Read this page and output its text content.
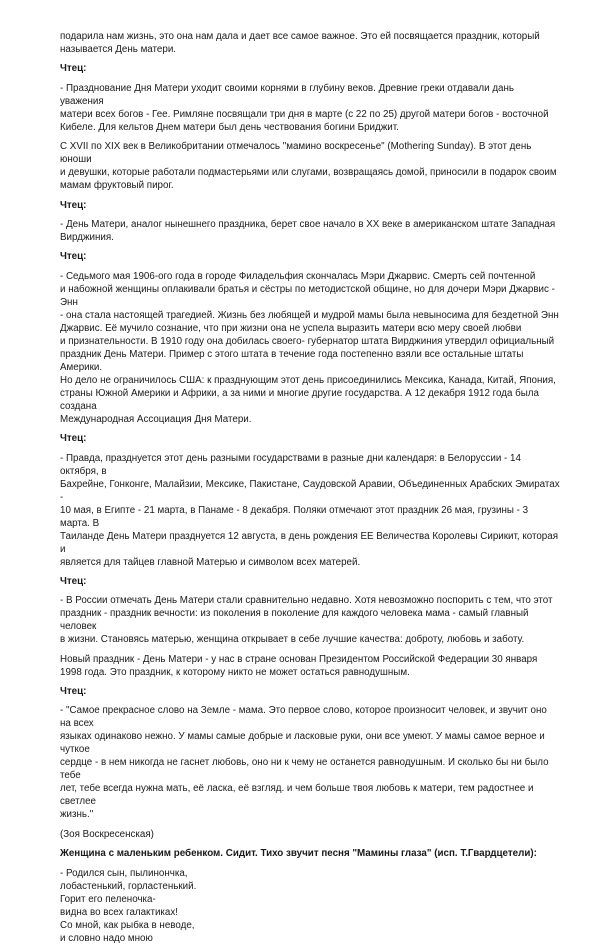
подарила нам жизнь, это она нам дала и дает все самое важное. Это ей посвящается праздник, который
называется День матери.
Чтец:
- Празднование Дня Матери уходит своими корнями в глубину веков. Древние греки отдавали дань уважения
матери всех богов - Гее. Римляне посвящали три дня в марте (с 22 по 25) другой матери богов - восточной
Кибеле. Для кельтов Днем матери был день чествования богини Бриджит.
С XVII по XIX век в Великобритании отмечалось "мамино воскресенье" (Mothering Sunday). В этот день юноши
и девушки, которые работали подмастерьями или слугами, возвращаясь домой, приносили в подарок своим
мамам фруктовый пирог.
Чтец:
- День Матери, аналог нынешнего праздника, берет свое начало в XX веке в американском штате Западная
Вирджиния.
Чтец:
- Седьмого мая 1906-ого года в городе Филадельфия скончалась Мэри Джарвис. Смерть сей почтенной
и набожной женщины оплакивали братья и сёстры по методистской общине, но для дочери Мэри Джарвис - Энн
- она стала настоящей трагедией. Жизнь без любящей и мудрой мамы была невыносима для бездетной Энн
Джарвис. Её мучило сознание, что при жизни она не успела выразить матери всю меру своей любви
и признательности. В 1910 году она добилась своего- губернатор штата Вирджиния утвердил официальный
праздник День Матери. Пример с этого штата в течение года постепенно взяли все остальные штаты Америки.
Но дело не ограничилось США: к празднующим этот день присоединились Мексика, Канада, Китай, Япония,
страны Южной Америки и Африки, а за ними и многие другие государства. А 12 декабря 1912 года была создана
Международная Ассоциация Дня Матери.
Чтец:
- Правда, празднуется этот день разными государствами в разные дни календаря: в Белоруссии - 14 октября, в
Бахрейне, Гонконге, Малайзии, Мексике, Пакистане, Саудовской Аравии, Объединенных Арабских Эмиратах -
10 мая, в Египте - 21 марта, в Панаме - 8 декабря. Поляки отмечают этот праздник 26 мая, грузины - 3 марта. В
Таиланде День Матери празднуется 12 августа, в день рождения ЕЕ Величества Королевы Сирикит, которая и
является для тайцев главной Матерью и символом всех матерей.
Чтец:
- В России отмечать День Матери стали сравнительно недавно. Хотя невозможно поспорить с тем, что этот
праздник - праздник вечности: из поколения в поколение для каждого человека мама - самый главный человек
в жизни. Становясь матерью, женщина открывает в себе лучшие качества: доброту, любовь и заботу.
Новый праздник - День Матери - у нас в стране основан Президентом Российской Федерации 30 января
1998 года. Это праздник, к которому никто не может остаться равнодушным.
Чтец:
- "Самое прекрасное слово на Земле - мама. Это первое слово, которое произносит человек, и звучит оно на всех
языках одинаково нежно. У мамы самые добрые и ласковые руки, они все умеют. У мамы самое верное и чуткое
сердце - в нем никогда не гаснет любовь, оно ни к чему не останется равнодушным. И сколько бы ни было тебе
лет, тебе всегда нужна мать, её ласка, её взгляд. и чем больше твоя любовь к матери, тем радостнее и светлее
жизнь."
(Зоя Воскресенская)
Женщина с маленьким ребенком. Сидит. Тихо звучит песня "Мамины глаза" (исп. Т.Гвардцетели):
- Родился сын, пылинончка,
лобастенький, горластенький.
Горит его пеленочка-
видна во всех галактиках!
Со мной, как рыбка в неводе,
и словно надо мною
